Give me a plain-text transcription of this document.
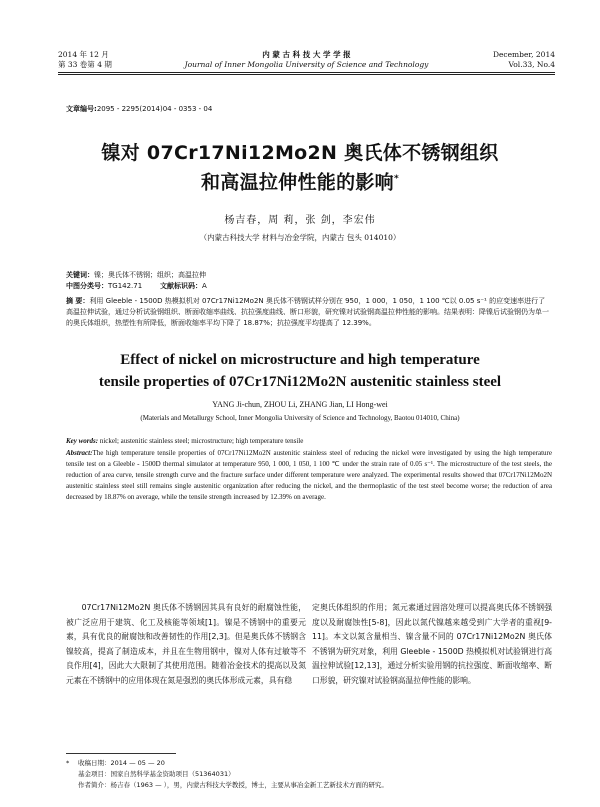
2014 年 12 月
第 33 卷第 4 期
内 蒙 古 科 技 大 学 学 报
Journal of Inner Mongolia University of Science and Technology
December, 2014
Vol.33, No.4
文章编号:2095 - 2295(2014)04 - 0353 - 04
镍对 07Cr17Ni12Mo2N 奥氏体不锈钢组织
和高温拉伸性能的影响*
杨吉春，周 莉，张 剑，李宏伟
（内蒙古科技大学 材料与冶金学院，内蒙古 包头 014010）
摘 要：利用 Gleeble - 1500D 热模拟机对 07Cr17Ni12Mo2N 奥氏体不锈钢试样分别在 950，1 000，1 050，1 100 ℃以 0.05 s⁻¹ 的应变速率进行了高温拉伸试验，通过分析试验钢组织、断面收缩率曲线、抗拉强度曲线、断口形貌，研究镍对试验钢高温拉伸性能的影响。结果表明：降镍后试验钢仍为单一的奥氏体组织，热塑性有所降低，断面收缩率平均下降了 18.87%；抗拉强度平均提高了 12.39%。
Effect of nickel on microstructure and high temperature
tensile properties of 07Cr17Ni12Mo2N austenitic stainless steel
YANG Ji-chun, ZHOU Li, ZHANG Jian, LI Hong-wei
(Materials and Metallurgy School, Inner Mongolia University of Science and Technology, Baotou 014010, China)
Key words: nickel; austenitic stainless steel; microstructure; high temperature tensile
Abstract:The high temperature tensile properties of 07Cr17Ni12Mo2N austenitic stainless steel of reducing the nickel were investigated by using the high temperature tensile test on a Gleeble - 1500D thermal simulator at temperature 950, 1 000, 1 050, 1 100 ℃ under the strain rate of 0.05 s⁻¹. The microstructure of the test steels, the reduction of area curve, tensile strength curve and the fracture surface under different temperature were analyzed. The experimental results showed that 07Cr17Ni12Mo2N austenitic stainless steel still remains single austenitic organization after reducing the nickel, and the thermoplastic of the test steel become worse; the reduction of area decreased by 18.87% on average, while the tensile strength increased by 12.39% on average.

07Cr17Ni12Mo2N 奥氏体不锈钢因其具有良好的耐腐蚀性能，被广泛应用于建筑、化工及核能等领域[1]。镍是不锈钢中的重要元素，具有优良的耐腐蚀和改善韧性的作用[2,3]。但是奥氏体不锈钢含镍较高，提高了制造成本，并且在生物用钢中，镍对人体有过敏等不良作用[4]，因此大大限制了其使用范围。随着冶金技术的提高以及氮元素在不锈钢中的应用体现在氮是强烈的奥氏体形成元素，具有稳

定奥氏体组织的作用；氮元素通过固溶处理可以提高奥氏体不锈钢强度以及耐腐蚀性[5-8]，因此以氮代镍越来越受到广大学者的重视[9-11]。本文以氮含量相当、镍含量不同的 07Cr17Ni12Mo2N 奥氏体不锈钢为研究对象，利用 Gleeble - 1500D 热模拟机对试验钢进行高温拉伸试验[12,13]，通过分析实验用钢的抗拉强度、断面收缩率、断口形貌，研究镍对试验钢高温拉伸性能的影响。

* 收稿日期：2014 — 05 — 20
基金项目：国家自然科学基金资助项目（51364031）
作者简介：杨吉春（1963 — ），男，内蒙古科技大学教授，博士，主要从事冶金新工艺新技术方面的研究。
关键词：镍；奥氏体不锈钢；组织；高温拉伸
中图分类号：TG142.71	文献标识码：A
